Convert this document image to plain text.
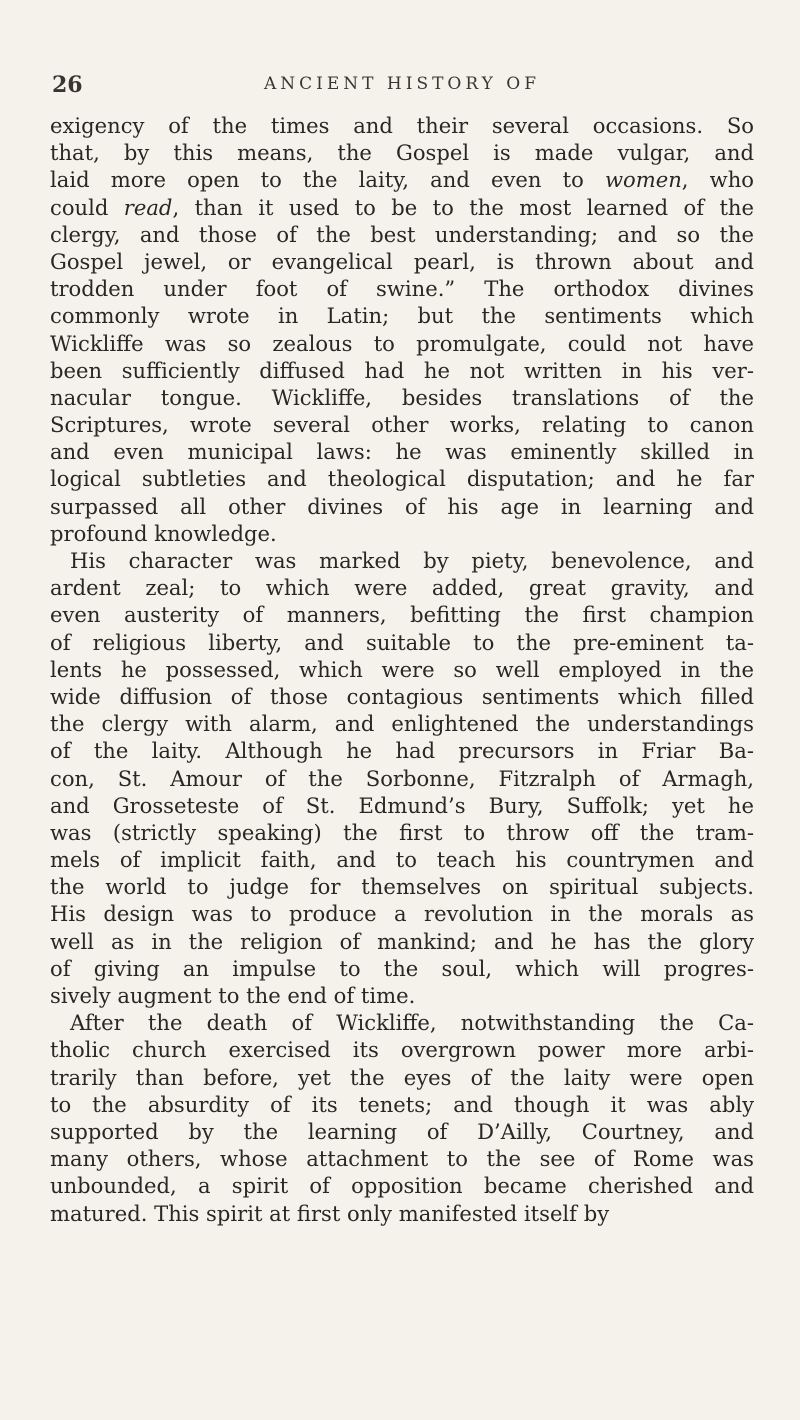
26	ANCIENT HISTORY OF
exigency of the times and their several occasions. So
that, by this means, the Gospel is made vulgar, and
laid more open to the laity, and even to women, who
could read, than it used to be to the most learned of the
clergy, and those of the best understanding; and so the
Gospel jewel, or evangelical pearl, is thrown about and
trodden under foot of swine.” The orthodox divines
commonly wrote in Latin; but the sentiments which
Wickliffe was so zealous to promulgate, could not have
been sufficiently diffused had he not written in his ver-
nacular tongue. Wickliffe, besides translations of the
Scriptures, wrote several other works, relating to canon
and even municipal laws: he was eminently skilled in
logical subtleties and theological disputation; and he far
surpassed all other divines of his age in learning and
profound knowledge.
His character was marked by piety, benevolence, and
ardent zeal; to which were added, great gravity, and
even austerity of manners, befitting the first champion
of religious liberty, and suitable to the pre-eminent ta-
lents he possessed, which were so well employed in the
wide diffusion of those contagious sentiments which filled
the clergy with alarm, and enlightened the understandings
of the laity. Although he had precursors in Friar Ba-
con, St. Amour of the Sorbonne, Fitzralph of Armagh,
and Grosseteste of St. Edmund’s Bury, Suffolk; yet he
was (strictly speaking) the first to throw off the tram-
mels of implicit faith, and to teach his countrymen and
the world to judge for themselves on spiritual subjects.
His design was to produce a revolution in the morals as
well as in the religion of mankind; and he has the glory
of giving an impulse to the soul, which will progres-
sively augment to the end of time.
After the death of Wickliffe, notwithstanding the Ca-
tholic church exercised its overgrown power more arbi-
trarily than before, yet the eyes of the laity were open
to the absurdity of its tenets; and though it was ably
supported by the learning of D’Ailly, Courtney, and
many others, whose attachment to the see of Rome was
unbounded, a spirit of opposition became cherished and
matured. This spirit at first only manifested itself by
